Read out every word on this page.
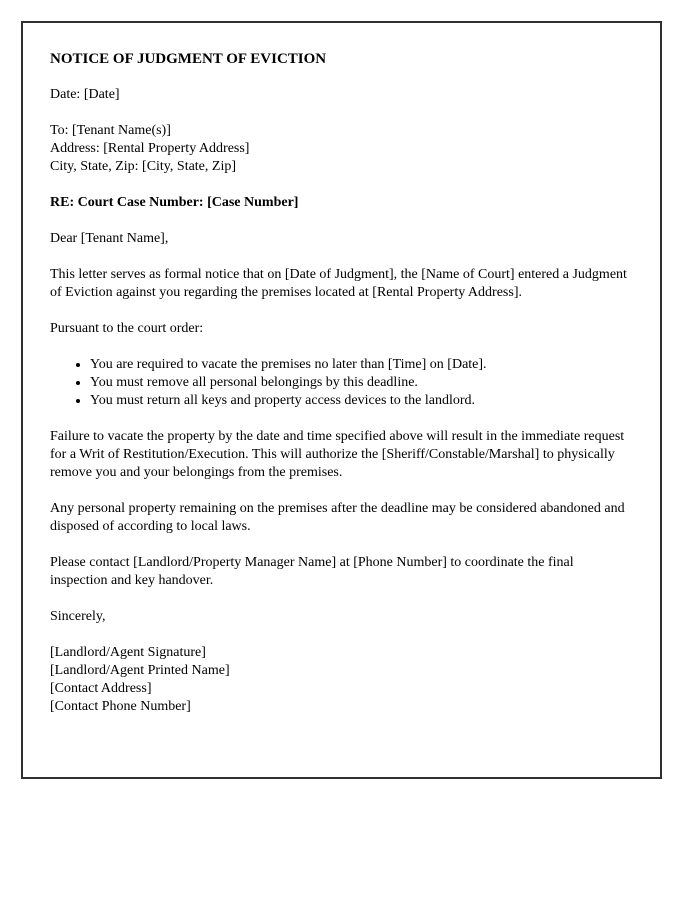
NOTICE OF JUDGMENT OF EVICTION

Date: [Date]

To: [Tenant Name(s)]

Address: [Rental Property Address]

City, State, Zip: [City, State, Zip]

RE: Court Case Number: [Case Number]

Dear [Tenant Name],

This letter serves as formal notice that on [Date of Judgment], the [Name of Court] entered a Judgment of Eviction against you regarding the premises located at [Rental Property Address].

Pursuant to the court order:

• You are required to vacate the premises no later than [Time] on [Date].
• You must remove all personal belongings by this deadline.
• You must return all keys and property access devices to the landlord.

Failure to vacate the property by the date and time specified above will result in the immediate request for a Writ of Restitution/Execution. This will authorize the [Sheriff/Constable/Marshal] to physically remove you and your belongings from the premises.

Any personal property remaining on the premises after the deadline may be considered abandoned and disposed of according to local laws.

Please contact [Landlord/Property Manager Name] at [Phone Number] to coordinate the final inspection and key handover.

Sincerely,

[Landlord/Agent Signature]

[Landlord/Agent Printed Name]

[Contact Address]

[Contact Phone Number]
